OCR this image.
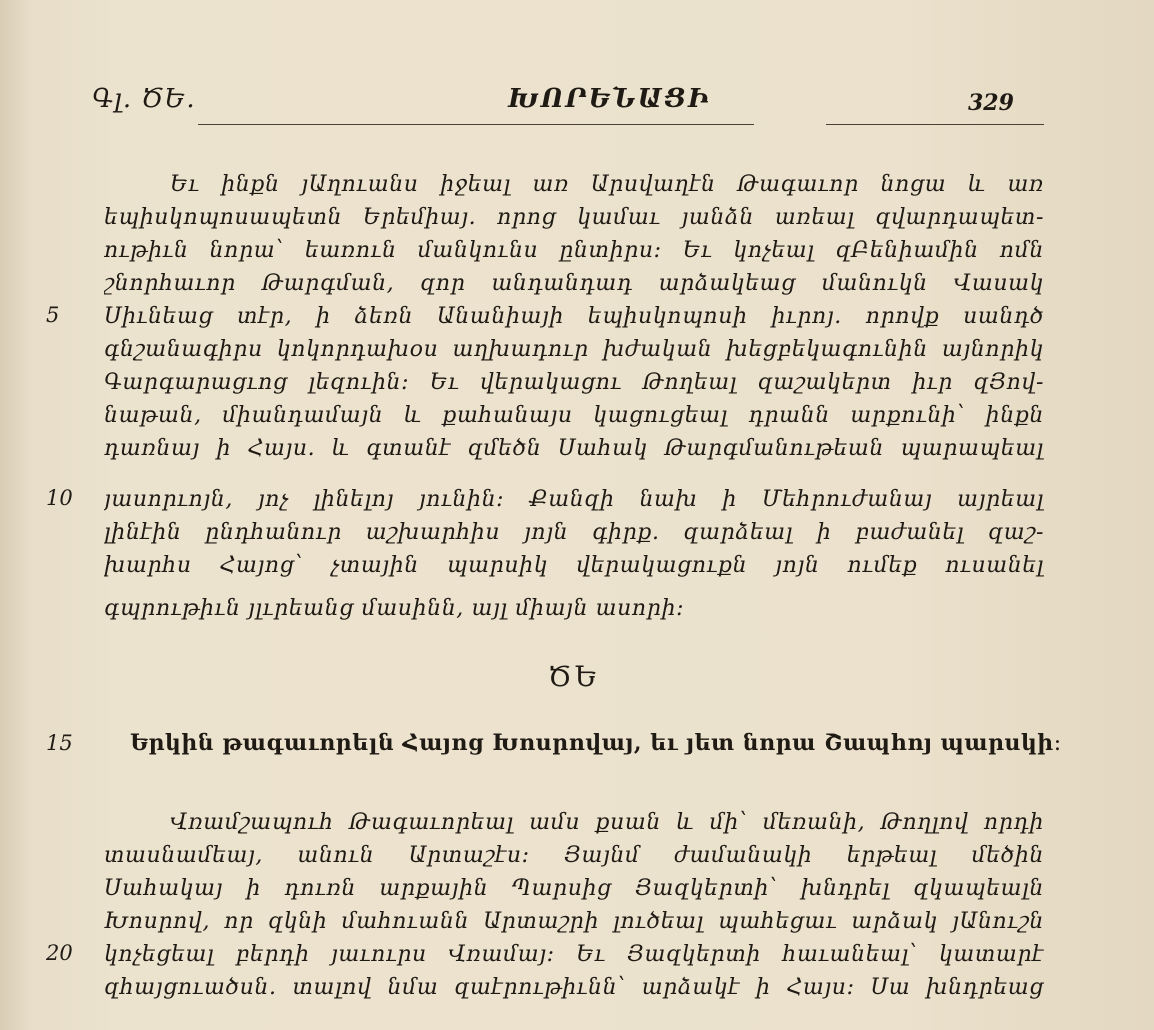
Գլ. ԾԵ.	ԽՈՐԵՆԱՑԻ	329
Եւ ինքն յԱղուանս իջեալ առ Արսվաղէն Թագաւոր նոցա և առ
եպիսկոպոսապետն Երեմիայ. որոց կամաւ յանձն առեալ զվարդապետ-
ութիւն նորա՝ եառուն մանկունս ընտիրս։ Եւ կոչեալ զԲենիամին ոմն
շնորհաւոր Թարգման, զոր անդանդադ արձակեաց մանուկն Վասակ
5	Սիւնեաց տէր, ի ձեռն Անանիայի եպիսկոպոսի իւրոյ. որովք սանդծ
գնշանագիրս կոկորդախօս աղխադուր խժական խեցբեկագունին այնորիկ
Գարգարացւոց լեզուին։ Եւ վերակացու Թողեալ զաշակերտ իւր զՅով-
նաթան, միանդամայն և քահանայս կացուցեալ դրանն արքունի՝ ինքն
դառնայ ի Հայս. և գտանէ զմեծն Սահակ Թարգմանութեան պարապեալ
10	յասորւոյն, յոչ լինելոյ յունին։ Քանզի նախ ի Մեհրուժանայ այրեալ
լինէին ընդհանուր աշխարհիս յոյն գիրք. զարձեալ ի բաժանել զաշ-
խարհս Հայոց՝ չտային պարսիկ վերակացուքն յոյն ումեք ուսանել
գպրութիւն յլւրեանց մասինն, այլ միայն ասորի։
ԾԵ
15	Երկին թագաւորելն Հայոց Խոսրովայ, եւ յետ նորա Շապհոյ պարսկի։
Վռամշապուհ Թագաւորեալ ամս քսան և մի՝ մեռանի, Թողլով որդի
տասնամեայ, անուն Արտաշէս։ Յայնմ ժամանակի երթեալ մեծին
Սահակայ ի դուռն արքային Պարսից Յազկերտի՝ խնդրել զկապեալն
Խոսրով, որ զկնի մահուանն Արտաշրի լուծեալ պահեցաւ արձակ յԱնուշն
20	կոչեցեալ բերդի յաւուրս Վռամայ։ Եւ Յազկերտի հաւանեալ՝ կատարէ
զհայցուածսն. տալով նմա զաէրութիւնն՝ արձակէ ի Հայս։ Սա խնդրեաց
